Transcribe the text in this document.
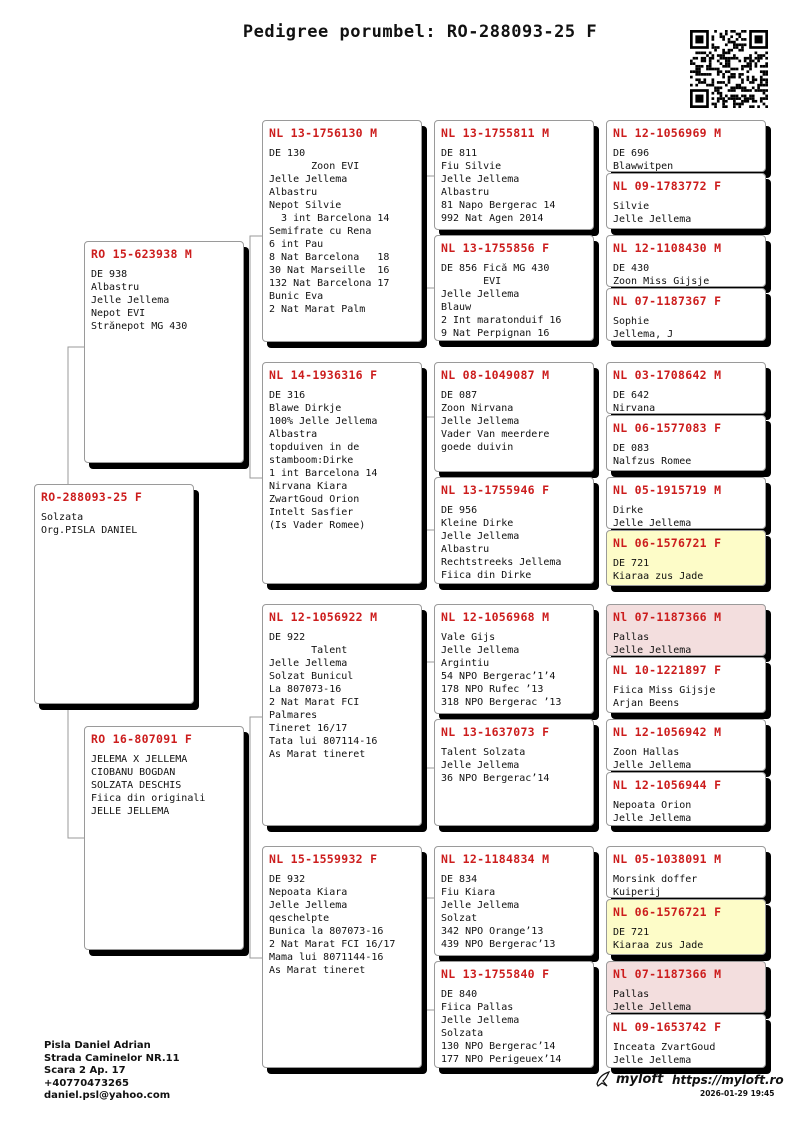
Pedigree porumbel: RO-288093-25 F
RO-288093-25 F
Solzata
Org.PISLA DANIEL
RO 15-623938 M
DE 938
Albastru
Jelle Jellema
Nepot EVI
Strănepot MG 430
RO 16-807091 F
JELEMA X JELLEMA
CIOBANU BOGDAN
SOLZATA DESCHIS
Fiica din originali
JELLE JELLEMA
NL 13-1756130 M
DE 130
Zoon EVI
Jelle Jellema
Albastru
Nepot Silvie
3 int Barcelona 14
Semifrate cu Rena
6 int Pau
8 Nat Barcelona   18
30 Nat Marseille  16
132 Nat Barcelona 17
Bunic Eva
2 Nat Marat Palm
NL 14-1936316 F
DE 316
Blawe Dirkje
100% Jelle Jellema
Albastra
topduiven in de
stamboom:Dirke
1 int Barcelona 14
Nirvana Kiara
ZwartGoud Orion
Intelt Sasfier
(Is Vader Romee)
NL 12-1056922 M
DE 922
Talent
Jelle Jellema
Solzat Bunicul
La 807073-16
2 Nat Marat FCI
Palmares
Tineret 16/17
Tata lui 807114-16
As Marat tineret
NL 15-1559932 F
DE 932
Nepoata Kiara
Jelle Jellema
qeschelpte
Bunica la 807073-16
2 Nat Marat FCI 16/17
Mama lui 8071144-16
As Marat tineret
NL 13-1755811 M
DE 811
Fiu Silvie
Jelle Jellema
Albastru
81 Napo Bergerac 14
992 Nat Agen 2014
NL 13-1755856 F
DE 856 Fică MG 430
EVI
Jelle Jellema
Blauw
2 Int maratonduif 16
9 Nat Perpignan 16
NL 08-1049087 M
DE 087
Zoon Nirvana
Jelle Jellema
Vader Van meerdere
goede duivin
NL 13-1755946 F
DE 956
Kleine Dirke
Jelle Jellema
Albastru
Rechtstreeks Jellema
Fiica din Dirke
NL 12-1056968 M
Vale Gijs
Jelle Jellema
Argintiu
54 NPO Bergerac’1’4
178 NPO Rufec ’13
318 NPO Bergerac ’13
NL 13-1637073 F
Talent Solzata
Jelle Jellema
36 NPO Bergerac’14
NL 12-1184834 M
DE 834
Fiu Kiara
Jelle Jellema
Solzat
342 NPO Orange’13
439 NPO Bergerac’13
NL 13-1755840 F
DE 840
Fiica Pallas
Jelle Jellema
Solzata
130 NPO Bergerac’14
177 NPO Perigeuex’14
NL 12-1056969 M
DE 696
Blawwitpen
NL 09-1783772 F
Silvie
Jelle Jellema
NL 12-1108430 M
DE 430
Zoon Miss Gijsje
NL 07-1187367 F
Sophie
Jellema, J
NL 03-1708642 M
DE 642
Nirvana
NL 06-1577083 F
DE 083
Nalfzus Romee
NL 05-1915719 M
Dirke
Jelle Jellema
NL 06-1576721 F
DE 721
Kiaraa zus Jade
Nl 07-1187366 M
Pallas
Jelle Jellema
NL 10-1221897 F
Fiica Miss Gijsje
Arjan Beens
NL 12-1056942 M
Zoon Hallas
Jelle Jellema
NL 12-1056944 F
Nepoata Orion
Jelle Jellema
NL 05-1038091 M
Morsink doffer
Kuiperij
NL 06-1576721 F
DE 721
Kiaraa zus Jade
Nl 07-1187366 M
Pallas
Jelle Jellema
NL 09-1653742 F
Inceata ZvartGoud
Jelle Jellema
Pisla Daniel Adrian
Strada Caminelor NR.11
Scara 2 Ap. 17
+40770473265
daniel.psl@yahoo.com
myloft https://myloft.ro
2026-01-29 19:45
